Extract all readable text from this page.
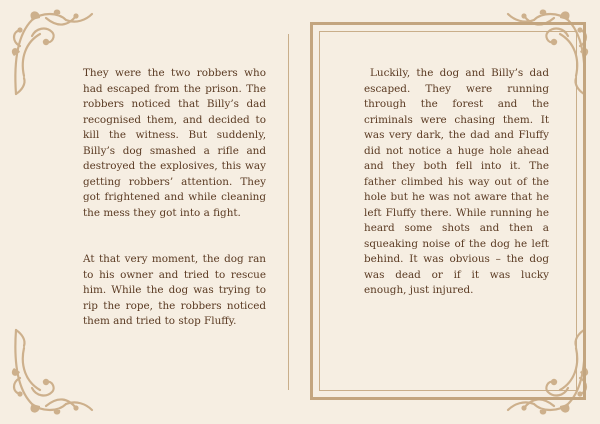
They were the two robbers who had escaped from the prison. The robbers noticed that Billy’s dad recognised them, and decided to kill the witness. But suddenly, Billy’s dog smashed a rifle and destroyed the explosives, this way getting robbers’ attention. They got frightened and while cleaning the mess they got into a fight.

At that very moment, the dog ran to his owner and tried to rescue him. While the dog was trying to rip the rope, the robbers noticed them and tried to stop Fluffy.

Luckily, the dog and Billy’s dad escaped. They were running through the forest and the criminals were chasing them. It was very dark, the dad and Fluffy did not notice a huge hole ahead and they both fell into it. The father climbed his way out of the hole but he was not aware that he left Fluffy there. While running he heard some shots and then a squeaking noise of the dog he left behind. It was obvious – the dog was dead or if it was lucky enough, just injured.
